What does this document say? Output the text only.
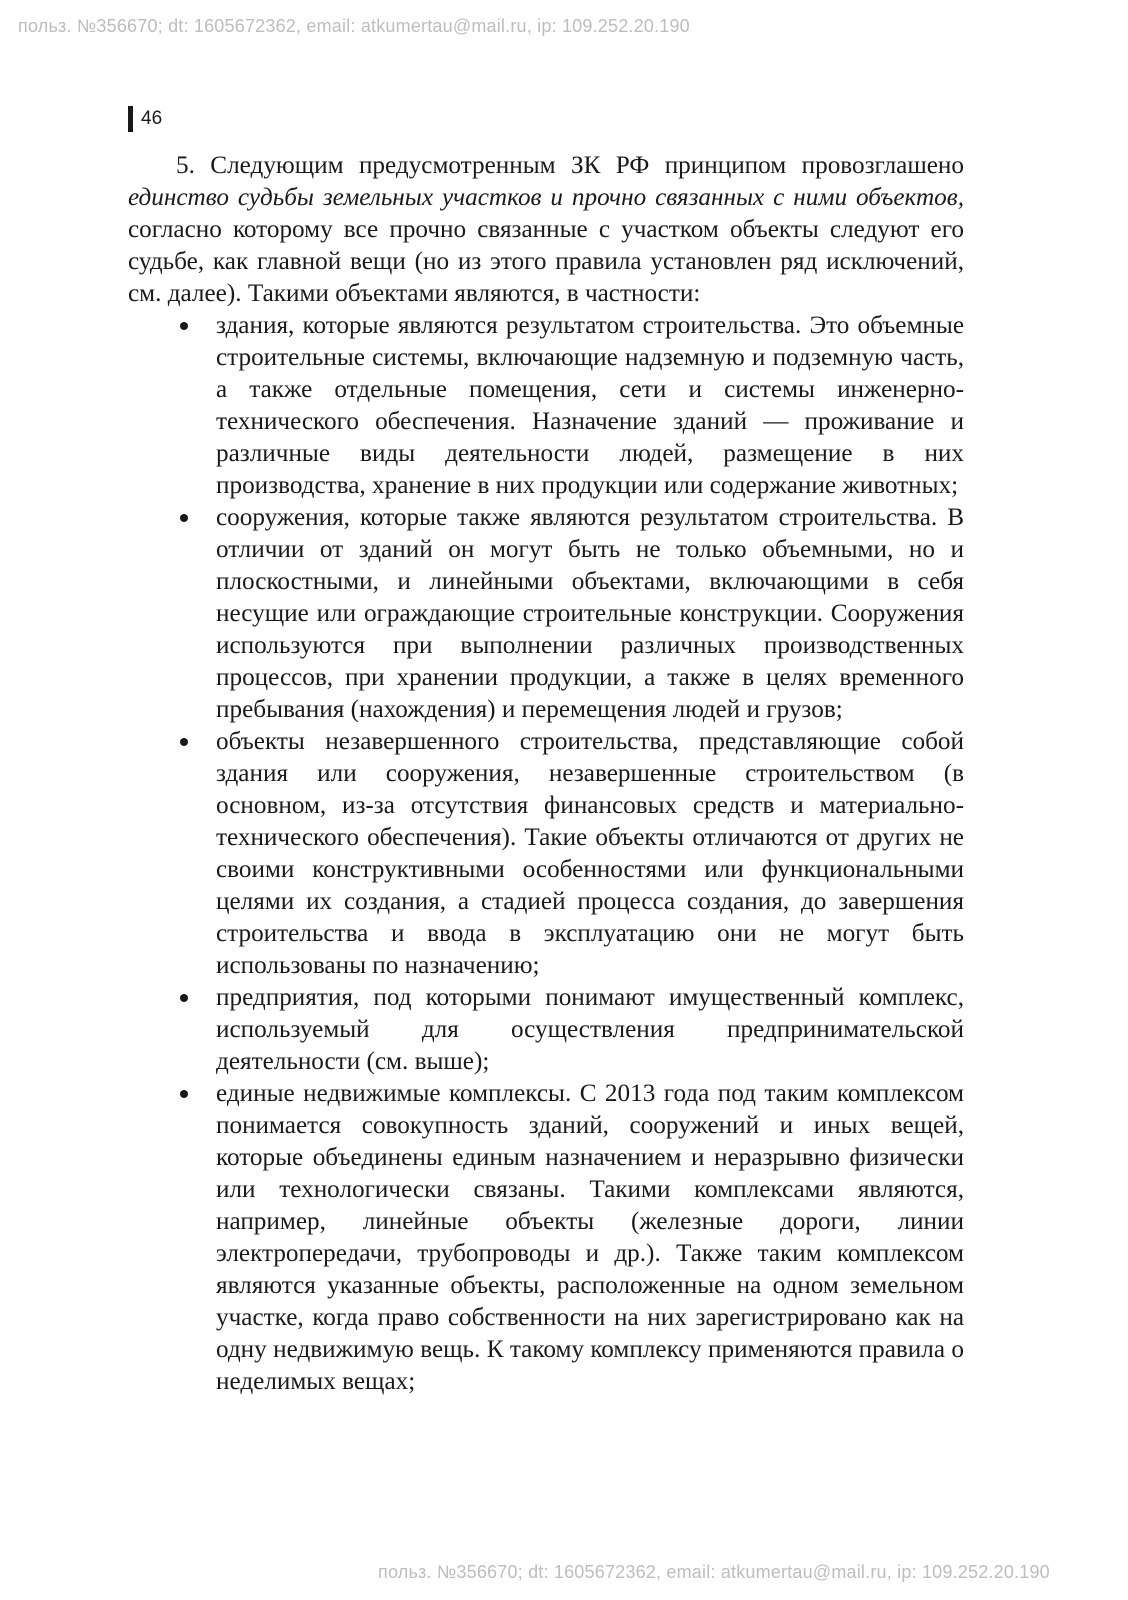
польз. №356670; dt: 1605672362, email: atkumertau@mail.ru, ip: 109.252.20.190
46

5. Следующим предусмотренным ЗК РФ принципом провозглашено единство судьбы земельных участков и прочно связанных с ними объектов, согласно которому все прочно связанные с участком объекты следуют его судьбе, как главной вещи (но из этого правила установлен ряд исключений, см. далее). Такими объектами являются, в частности:

здания, которые являются результатом строительства. Это объемные строительные системы, включающие надземную и подземную часть, а также отдельные помещения, сети и системы инженерно-технического обеспечения. Назначение зданий — проживание и различные виды деятельности людей, размещение в них производства, хранение в них продукции или содержание животных;
сооружения, которые также являются результатом строительства. В отличии от зданий он могут быть не только объемными, но и плоскостными, и линейными объектами, включающими в себя несущие или ограждающие строительные конструкции. Сооружения используются при выполнении различных производственных процессов, при хранении продукции, а также в целях временного пребывания (нахождения) и перемещения людей и грузов;
объекты незавершенного строительства, представляющие собой здания или сооружения, незавершенные строительством (в основном, из-за отсутствия финансовых средств и материально-технического обеспечения). Такие объекты отличаются от других не своими конструктивными особенностями или функциональными целями их создания, а стадией процесса создания, до завершения строительства и ввода в эксплуатацию они не могут быть использованы по назначению;
предприятия, под которыми понимают имущественный комплекс, используемый для осуществления предпринимательской деятельности (см. выше);
единые недвижимые комплексы. С 2013 года под таким комплексом понимается совокупность зданий, сооружений и иных вещей, которые объединены единым назначением и неразрывно физически или технологически связаны. Такими комплексами являются, например, линейные объекты (железные дороги, линии электропередачи, трубопроводы и др.). Также таким комплексом являются указанные объекты, расположенные на одном земельном участке, когда право собственности на них зарегистрировано как на одну недвижимую вещь. К такому комплексу применяются правила о неделимых вещах;
польз. №356670; dt: 1605672362, email: atkumertau@mail.ru, ip: 109.252.20.190
